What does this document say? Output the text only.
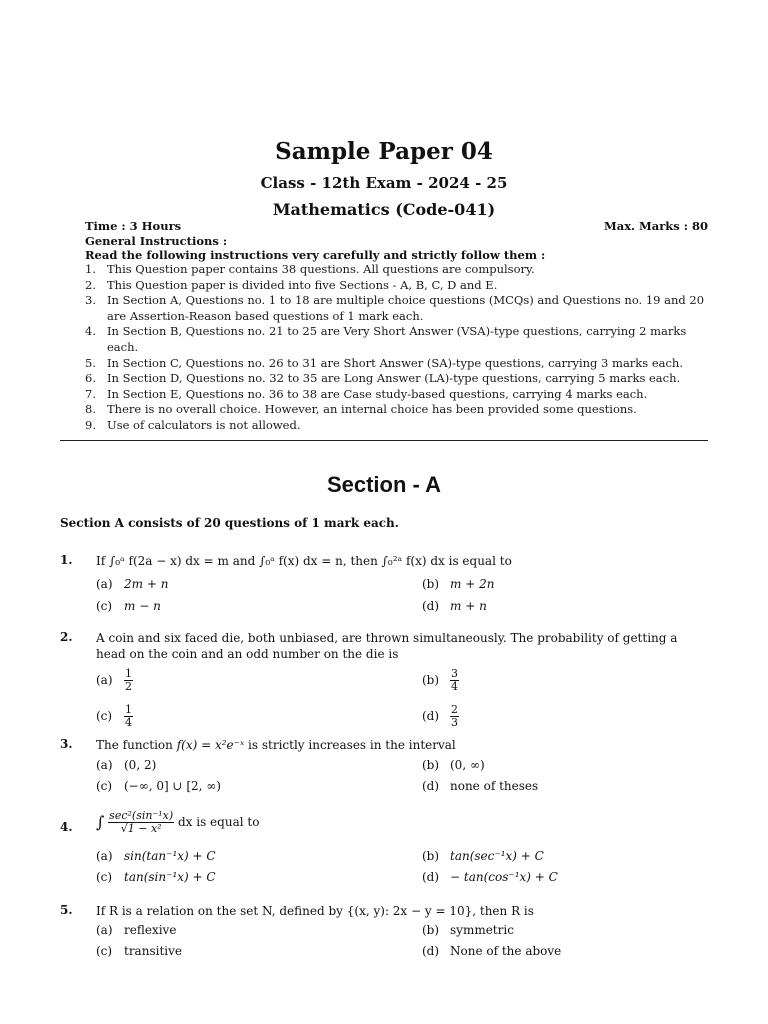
Sample Paper 04
Class - 12th Exam - 2024 - 25
Mathematics (Code-041)
Time : 3 Hours	Max. Marks : 80
General Instructions :
Read the following instructions very carefully and strictly follow them :
1. This Question paper contains 38 questions. All questions are compulsory.
2. This Question paper is divided into five Sections - A, B, C, D and E.
3. In Section A, Questions no. 1 to 18 are multiple choice questions (MCQs) and Questions no. 19 and 20 are Assertion-Reason based questions of 1 mark each.
4. In Section B, Questions no. 21 to 25 are Very Short Answer (VSA)-type questions, carrying 2 marks each.
5. In Section C, Questions no. 26 to 31 are Short Answer (SA)-type questions, carrying 3 marks each.
6. In Section D, Questions no. 32 to 35 are Long Answer (LA)-type questions, carrying 5 marks each.
7. In Section E, Questions no. 36 to 38 are Case study-based questions, carrying 4 marks each.
8. There is no overall choice. However, an internal choice has been provided some questions.
9. Use of calculators is not allowed.
Section - A
Section A consists of 20 questions of 1 mark each.
1. If ∫₀ᵃ f(2a − x) dx = m and ∫₀ᵃ f(x) dx = n, then ∫₀²ᵃ f(x) dx is equal to
(a) 2m + n	(b) m + 2n
(c) m − n	(d) m + n
2. A coin and six faced die, both unbiased, are thrown simultaneously. The probability of getting a head on the coin and an odd number on the die is
$(a) \frac{1}{2}$	$(b) \frac{3}{4}$
$(c) \frac{1}{4}$	$(d) \frac{2}{3}$
3. The function f(x) = x²e⁻ˣ is strictly increases in the interval
(a) (0, 2)	(b) (0, ∞)
(c) (−∞, 0] ∪ [2, ∞)	(d) none of theses
4. ∫ sec²(sin⁻¹x)
√1 − x²	dx is equal to
(a) sin(tan⁻¹x) + C	(b) tan(sec⁻¹x) + C
(c) tan(sin⁻¹x) + C	(d) − tan(cos⁻¹x) + C
5. If R is a relation on the set N, defined by {(x, y): 2x − y = 10}, then R is
(a) reflexive	(b) symmetric
(c) transitive	(d) None of the above
